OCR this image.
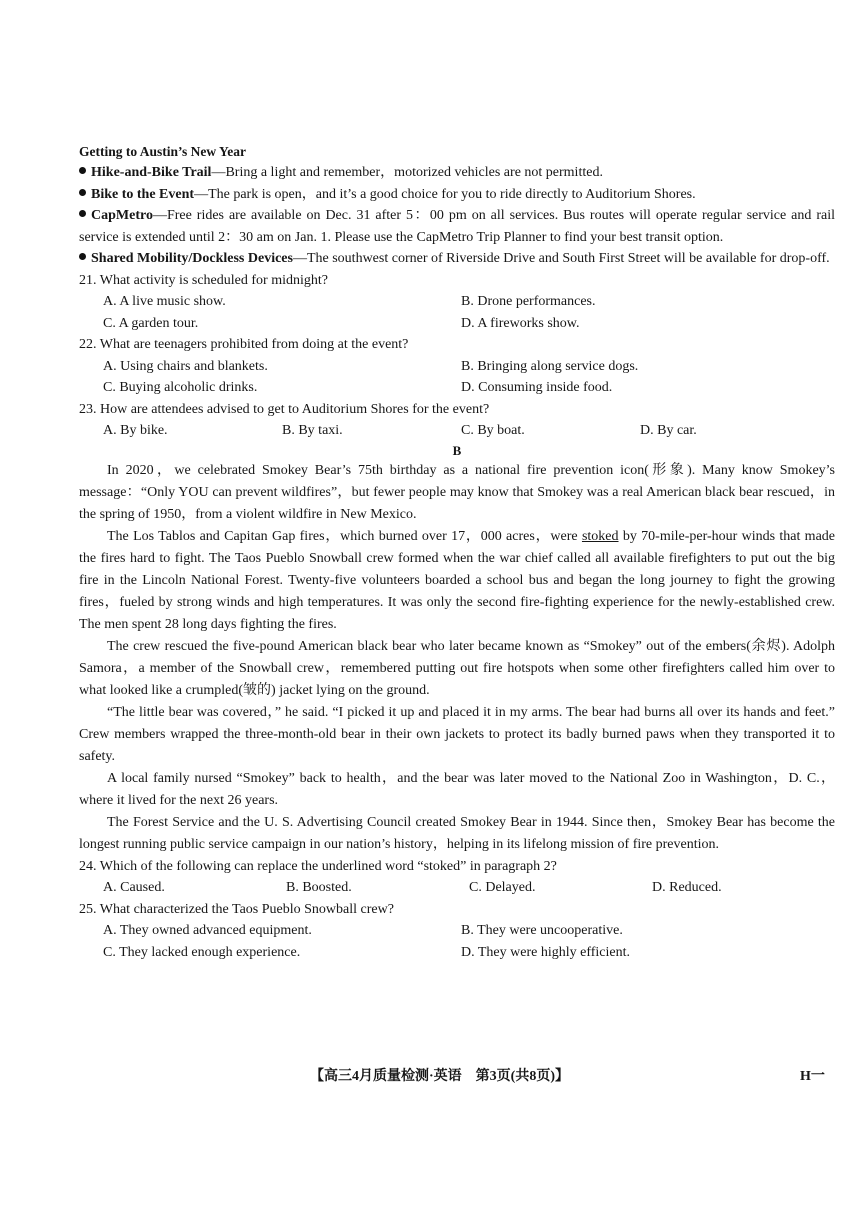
Getting to Austin’s New Year
Hike-and-Bike Trail—Bring a light and remember，motorized vehicles are not permitted.
Bike to the Event—The park is open，and it’s a good choice for you to ride directly to Auditorium Shores.
CapMetro—Free rides are available on Dec. 31 after 5：00 pm on all services. Bus routes will operate regular service and rail service is extended until 2：30 am on Jan. 1. Please use the CapMetro Trip Planner to find your best transit option.
Shared Mobility/Dockless Devices—The southwest corner of Riverside Drive and South First Street will be available for drop-off.
21. What activity is scheduled for midnight?
A. A live music show.	B. Drone performances.
C. A garden tour.	D. A fireworks show.
22. What are teenagers prohibited from doing at the event?
A. Using chairs and blankets.	B. Bringing along service dogs.
C. Buying alcoholic drinks.	D. Consuming inside food.
23. How are attendees advised to get to Auditorium Shores for the event?
A. By bike.	B. By taxi.	C. By boat.	D. By car.
B
In 2020，we celebrated Smokey Bear’s 75th birthday as a national fire prevention icon(形象). Many know Smokey’s message：“Only YOU can prevent wildfires”，but fewer people may know that Smokey was a real American black bear rescued，in the spring of 1950，from a violent wildfire in New Mexico.
The Los Tablos and Capitan Gap fires，which burned over 17，000 acres，were stoked by 70-mile-per-hour winds that made the fires hard to fight. The Taos Pueblo Snowball crew formed when the war chief called all available firefighters to put out the big fire in the Lincoln National Forest. Twenty-five volunteers boarded a school bus and began the long journey to fight the growing fires，fueled by strong winds and high temperatures. It was only the second fire-fighting experience for the newly-established crew. The men spent 28 long days fighting the fires.
The crew rescued the five-pound American black bear who later became known as “Smokey” out of the embers(余烬). Adolph Samora，a member of the Snowball crew，remembered putting out fire hotspots when some other firefighters called him over to what looked like a crumpled(皱的) jacket lying on the ground.
“The little bear was covered，” he said. “I picked it up and placed it in my arms. The bear had burns all over its hands and feet.” Crew members wrapped the three-month-old bear in their own jackets to protect its badly burned paws when they transported it to safety.
A local family nursed “Smokey” back to health，and the bear was later moved to the National Zoo in Washington，D. C.，where it lived for the next 26 years.
The Forest Service and the U. S. Advertising Council created Smokey Bear in 1944. Since then，Smokey Bear has become the longest running public service campaign in our nation’s history，helping in its lifelong mission of fire prevention.
24. Which of the following can replace the underlined word “stoked” in paragraph 2?
A. Caused.	B. Boosted.	C. Delayed.	D. Reduced.
25. What characterized the Taos Pueblo Snowball crew?
A. They owned advanced equipment.	B. They were uncooperative.
C. They lacked enough experience.	D. They were highly efficient.
【高三4月质量检测·英语　第3页(共8页)】	H一
